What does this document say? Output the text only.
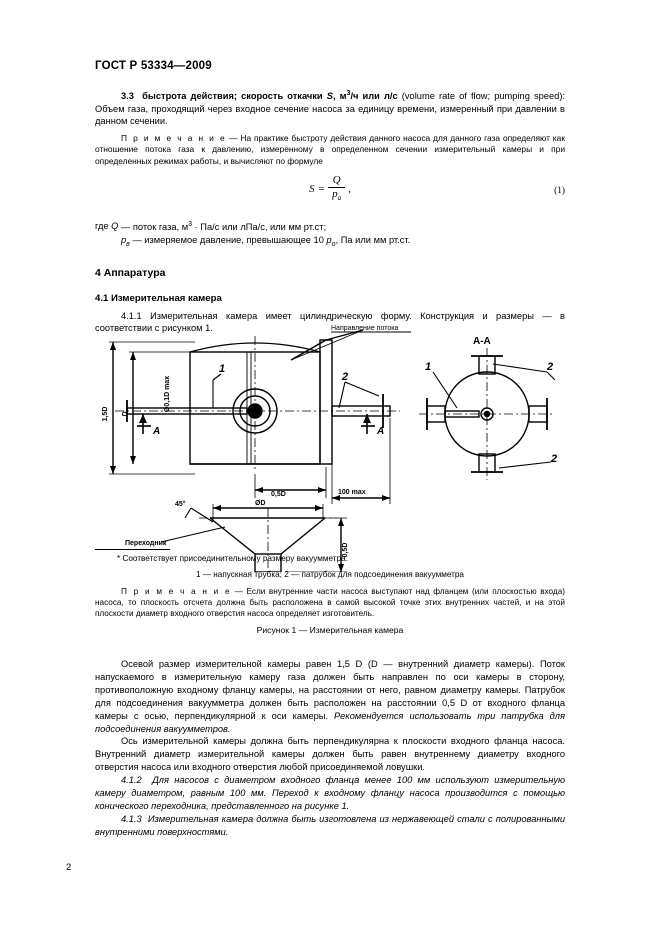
ГОСТ Р 53334—2009

3.3 быстрота действия; скорость откачки S, $м^3/ч$ или л/с (volume rate of flow; pumping speed): Объем газа, проходящий через входное сечение насоса за единицу времени, измеренный при давлении в данном сечении.

П р и м е ч а н и е — На практике быстроту действия данного насоса для данного газа определяют как отношение потока газа к давлению, измеренному в определенном сечении измерительный камеры и при определенных режимах работы, и вычисляют по формуле

$S = \frac{Q}{p_a}$ ,	(1)
где Q — поток газа, $м^3 \cdot Па/с$ или лПа/с, или мм рт.ст;
$p_в$ — измеряемое давление, превышающее 10 $p_o$, Па или мм рт.ст.
4 Аппаратура
4.1 Измерительная камера

4.1.1 Измерительная камера имеет цилиндрическую форму. Конструкция и размеры — в соответствии с рисунком 1.	Направление потока
А-А
1,5D D
Ø0,1D max
0,5D	100 max
1
2
1	2
2
А	А
45°
Переходник
ØD
0,5D
* Соответствует присоединительному размеру вакуумметра.
1 — напускная трубка; 2 — патрубок для подсоединения вакуумметра
П р и м е ч а н и е — Если внутренние части насоса выступают над фланцем (или плоскостью входа) насоса, то плоскость отсчета должна быть расположена в самой высокой точке этих внутренних частей, и на этой плоскости диаметр входного отверстия насоса определяет изготовитель.
Рисунок 1 — Измерительная камера

Осевой размер измерительной камеры равен 1,5 D (D — внутренний диаметр камеры). Поток напускаемого в измерительную камеру газа должен быть направлен по оси камеры в сторону, противоположную входному фланцу камеры, на расстоянии от него, равном диаметру камеры. Патрубок для подсоединения вакуумметра должен быть расположен на расстоянии 0,5 D от входного фланца камеры с осью, перпендикулярной к оси камеры. Рекомендуется использовать три патрубка для подсоединения вакуумметров.

Ось измерительной камеры должна быть перпендикулярна к плоскости входного фланца насоса. Внутренний диаметр измерительной камеры должен быть равен внутреннему диаметру входного отверстия насоса или входного отверстия любой присоединяемой ловушки.

4.1.2 Для насосов с диаметром входного фланца менее 100 мм используют измерительную камеру диаметром, равным 100 мм. Переход к входному фланцу насоса производится с помощью конического переходника, представленного на рисунке 1.

4.1.3 Измерительная камера должна быть изготовлена из нержавеющей стали с полированными внутренними поверхностями.

2
